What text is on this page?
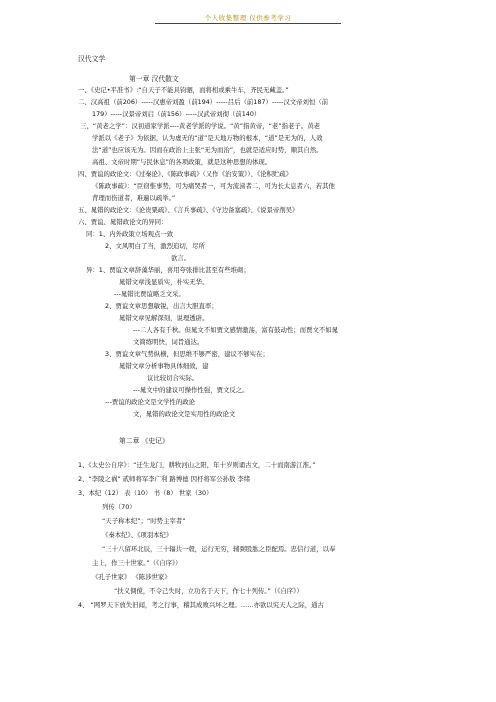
个人收集整理 仅供参考学习
汉代文学
第一章 汉代散文
一、《史记•平准书》:“自天子不能具钧驷，而将相或乘牛车，齐民无藏盖。”
二、汉高祖（前206）-----汉惠帝刘盈（前194）-----吕后（前187）-----汉文帝刘恒（前
179）-----汉景帝刘启（前156）-----汉武帝刘彻（前140）
三、“黄老之学”：汉初道家学派----黄老学派的学说。“黄”指黄帝，“老”指老子。黄老
学派以《老子》为依据，认为虚无的“道”是天地万物的根本，“道”是无为的，人效
法“道”也应该无为。因而在政治上主张“无为而治”，也就是适应时势，顺其自然。
高祖、文帝时期“与民休息”的各项政策，就是这种思想的体现。
四、贾谊的政论文：《过秦论》、《陈政事疏》（又作《治安策》）、《论积贮疏》
《陈政事疏》：“臣窃惟事势，可为痛哭者一，可为流涕者二，可为长太息者六，若其他
背理而伤道者，难遍以疏举。”
五、晁错的政论文：《论贵粟疏》、《言兵事疏》、《守边备塞疏》、《说景帝削吴》
六、贾谊、晁错政论文的异同：
同：1、内外政策立场观点一致
2、文风明白了当，激烈追切，尽所
欲言。
异：1、贾谊文章辞藻华丽，喜用夸张排比甚至有些堆砌；
晁错文章浅显质实，朴实无华。
---晁错比贾谊略乏文采。
2、贾谊文章思想敏锐，出言大胆直率；
晁错文章见解深刻，说理透辟。
---二人各有千秋。但晁文不如贾文感情激荡，富有鼓动性；而贾文不如晁
文简练明快，词旨通达。
3、贾谊文章气势纵横，但思维不够严密，建议不够实在；
晁错文章分析事物具体细致，建
议比较切合实际。
---晁文中的建议可操作性强，贾文反之。
---贾谊的政论文是文学性的政论
文，晁错的政论文是实用性的政论文
第二章 《史记》
1、《太史公自序》：“迁生龙门，耕牧河山之阳，年十岁则诵古文，二十而南游江淮。”
2、“李陵之祸” 贰师将军李广利 路博德 因杅将军公孙敖 李绪
3、本纪（12） 表（10） 书（8） 世家（30）
列传（70）
“天子称本纪”；“时势主宰者”
《秦本纪》、《项羽本纪》
“三十八留环北辰，三十辐共一毂，运行无穷，辅弼股肱之臣配焉。忠信行道，以奉
主上，作三十世家。”（《自序》）
《孔子世家》 《陈涉世家》
“扶义倜傥，不令己失时，立功名于天下，作七十列传。”（《自序》）
4、 “网罗天下放失旧闻，考之行事，稽其成败兴坏之理。……亦欲以究天人之际，通古
